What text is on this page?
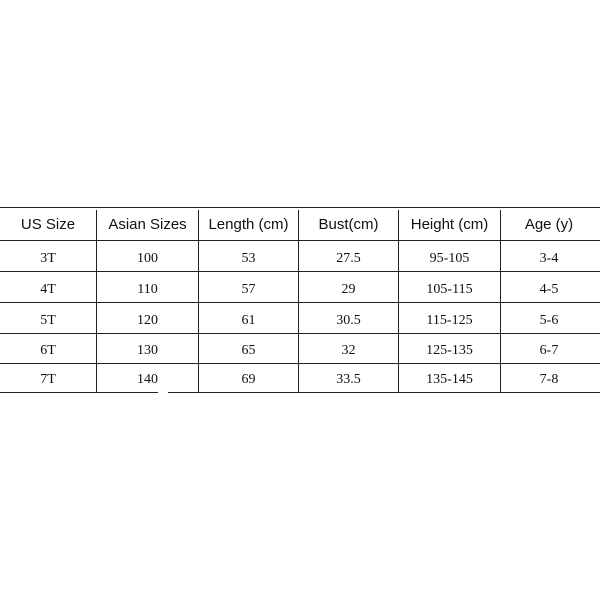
US Size	Asian Sizes	Length (cm)	Bust(cm)	Height (cm)	Age (y)
3T	100	53	27.5	95-105	3-4
4T	110	57	29	105-115	4-5
5T	120	61	30.5	115-125	5-6
6T	130	65	32	125-135	6-7
7T	140	69	33.5	135-145	7-8
